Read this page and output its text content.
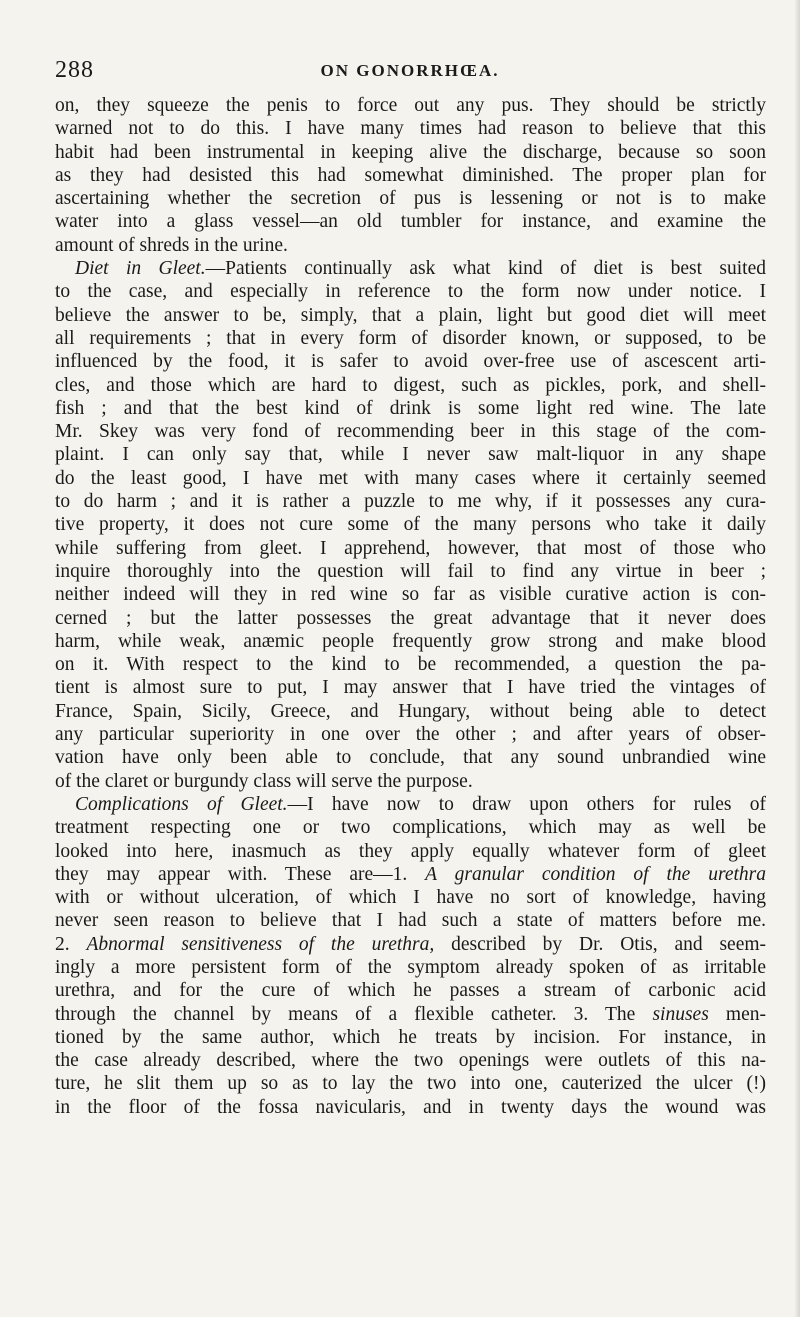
288	ON GONORRHŒA.
on, they squeeze the penis to force out any pus. They should be strictly
warned not to do this. I have many times had reason to believe that this
habit had been instrumental in keeping alive the discharge, because so soon
as they had desisted this had somewhat diminished. The proper plan for
ascertaining whether the secretion of pus is lessening or not is to make
water into a glass vessel—an old tumbler for instance, and examine the
amount of shreds in the urine.
Diet in Gleet.—Patients continually ask what kind of diet is best suited
to the case, and especially in reference to the form now under notice. I
believe the answer to be, simply, that a plain, light but good diet will meet
all requirements ; that in every form of disorder known, or supposed, to be
influenced by the food, it is safer to avoid over-free use of ascescent arti-
cles, and those which are hard to digest, such as pickles, pork, and shell-
fish ; and that the best kind of drink is some light red wine. The late
Mr. Skey was very fond of recommending beer in this stage of the com-
plaint. I can only say that, while I never saw malt-liquor in any shape
do the least good, I have met with many cases where it certainly seemed
to do harm ; and it is rather a puzzle to me why, if it possesses any cura-
tive property, it does not cure some of the many persons who take it daily
while suffering from gleet. I apprehend, however, that most of those who
inquire thoroughly into the question will fail to find any virtue in beer ;
neither indeed will they in red wine so far as visible curative action is con-
cerned ; but the latter possesses the great advantage that it never does
harm, while weak, anæmic people frequently grow strong and make blood
on it. With respect to the kind to be recommended, a question the pa-
tient is almost sure to put, I may answer that I have tried the vintages of
France, Spain, Sicily, Greece, and Hungary, without being able to detect
any particular superiority in one over the other ; and after years of obser-
vation have only been able to conclude, that any sound unbrandied wine
of the claret or burgundy class will serve the purpose.
Complications of Gleet.—I have now to draw upon others for rules of
treatment respecting one or two complications, which may as well be
looked into here, inasmuch as they apply equally whatever form of gleet
they may appear with. These are—1. A granular condition of the urethra
with or without ulceration, of which I have no sort of knowledge, having
never seen reason to believe that I had such a state of matters before me.
2. Abnormal sensitiveness of the urethra, described by Dr. Otis, and seem-
ingly a more persistent form of the symptom already spoken of as irritable
urethra, and for the cure of which he passes a stream of carbonic acid
through the channel by means of a flexible catheter. 3. The sinuses men-
tioned by the same author, which he treats by incision. For instance, in
the case already described, where the two openings were outlets of this na-
ture, he slit them up so as to lay the two into one, cauterized the ulcer (!)
in the floor of the fossa navicularis, and in twenty days the wound was
